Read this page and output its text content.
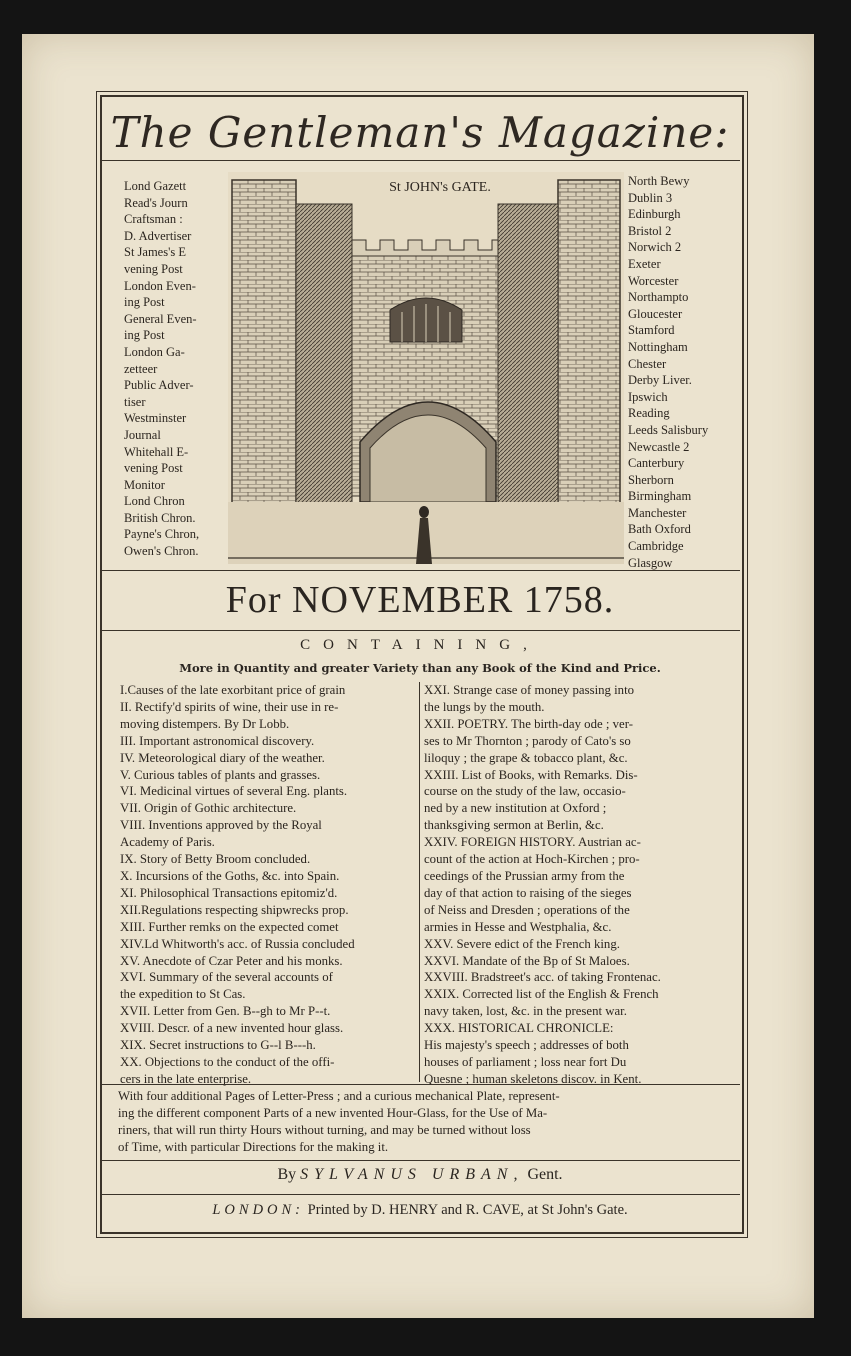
The Gentleman's Magazine:
Lond Gazett
Read's Journ
Craftsman :
D. Advertiser
St James's E
vening Post
London Even-
ing Post
General Even-
ing Post
London Ga-
zetteer
Public Adver-
tiser
Westminster
Journal
Whitehall E-
vening Post
Monitor
Lond Chron
British Chron.
Payne's Chron,
Owen's Chron.
North Bewy
Dublin 3
Edinburgh
Bristol 2
Norwich 2
Exeter
Worcester
Northampto
Gloucester
Stamford
Nottingham
Chester
Derby Liver.
Ipswich
Reading
Leeds Salisbury
Newcastle 2
Canterbury
Sherborn
Birmingham
Manchester
Bath Oxford
Cambridge
Glasgow
St JOHN's GATE.
For NOVEMBER 1758.
CONTAINING,
More in Quantity and greater Variety than any Book of the Kind and Price.
I.Causes of the late exorbitant price of grain
II. Rectify'd spirits of wine, their use in re-
moving distempers. By Dr Lobb.
III. Important astronomical discovery.
IV. Meteorological diary of the weather.
V. Curious tables of plants and grasses.
VI. Medicinal virtues of several Eng. plants.
VII. Origin of Gothic architecture.
VIII. Inventions approved by the Royal
Academy of Paris.
IX. Story of Betty Broom concluded.
X. Incursions of the Goths, &c. into Spain.
XI. Philosophical Transactions epitomiz'd.
XII.Regulations respecting shipwrecks prop.
XIII. Further remks on the expected comet
XIV.Ld Whitworth's acc. of Russia concluded
XV. Anecdote of Czar Peter and his monks.
XVI. Summary of the several accounts of
the expedition to St Cas.
XVII. Letter from Gen. B--gh to Mr P--t.
XVIII. Descr. of a new invented hour glass.
XIX. Secret instructions to G--l B---h.
XX. Objections to the conduct of the offi-
cers in the late enterprise.
XXI. Strange case of money passing into
the lungs by the mouth.
XXII. POETRY. The birth-day ode ; ver-
ses to Mr Thornton ; parody of Cato's so
liloquy ; the grape & tobacco plant, &c.
XXIII. List of Books, with Remarks. Dis-
course on the study of the law, occasio-
ned by a new institution at Oxford ;
thanksgiving sermon at Berlin, &c.
XXIV. FOREIGN HISTORY. Austrian ac-
count of the action at Hoch-Kirchen ; pro-
ceedings of the Prussian army from the
day of that action to raising of the sieges
of Neiss and Dresden ; operations of the
armies in Hesse and Westphalia, &c.
XXV. Severe edict of the French king.
XXVI. Mandate of the Bp of St Maloes.
XXVIII. Bradstreet's acc. of taking Frontenac.
XXIX. Corrected list of the English & French
navy taken, lost, &c. in the present war.
XXX. HISTORICAL CHRONICLE:
His majesty's speech ; addresses of both
houses of parliament ; loss near fort Du
Quesne ; human skeletons discov. in Kent.
With four additional Pages of Letter-Press ; and a curious mechanical Plate, represent-
ing the different component Parts of a new invented Hour-Glass, for the Use of Ma-
riners, that will run thirty Hours without turning, and may be turned without loss
of Time, with particular Directions for the making it.
By SYLVANUS URBAN, Gent.
LONDON: Printed by D. HENRY and R. CAVE, at St John's Gate.
